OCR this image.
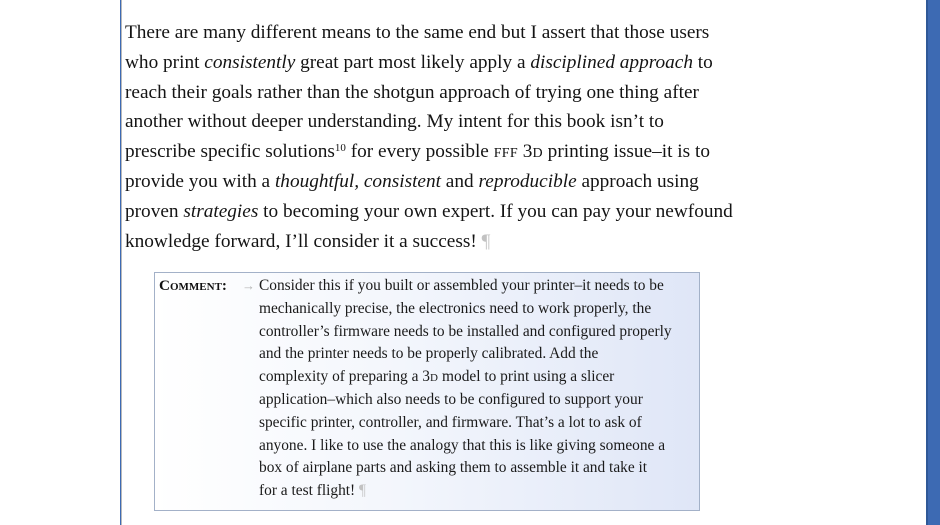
There are many different means to the same end but I assert that those users
who print consistently great part most likely apply a disciplined approach to
reach their goals rather than the shotgun approach of trying one thing after
another without deeper understanding. My intent for this book isn’t to
prescribe specific solutions$^{10}$ for every possible fff 3d printing issue–it is to
provide you with a thoughtful, consistent and reproducible approach using
proven strategies to becoming your own expert. If you can pay your newfound
knowledge forward, I’ll consider it a success! ¶
Comment: → Consider this if you built or assembled your printer–it needs to be
mechanically precise, the electronics need to work properly, the
controller’s firmware needs to be installed and configured properly
and the printer needs to be properly calibrated. Add the
complexity of preparing a 3d model to print using a slicer
application–which also needs to be configured to support your
specific printer, controller, and firmware. That’s a lot to ask of
anyone. I like to use the analogy that this is like giving someone a
box of airplane parts and asking them to assemble it and take it
for a test flight! ¶
